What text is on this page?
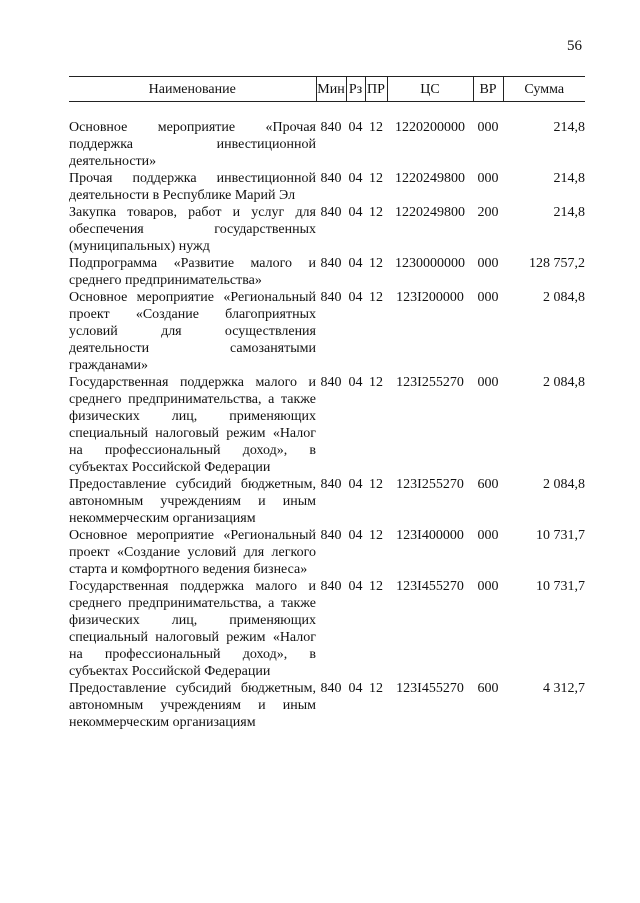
56
Наименование	Мин	Рз	ПР	ЦС	ВР	Сумма
Основное мероприятие «Прочая поддержка инвестиционной деятельности»	840	04	12	1220200000	000	214,8
Прочая поддержка инвестиционной деятельности в Республике Марий Эл	840	04	12	1220249800	000	214,8
Закупка товаров, работ и услуг для обеспечения государственных (муниципальных) нужд	840	04	12	1220249800	200	214,8
Подпрограмма «Развитие малого и среднего предпринимательства»	840	04	12	1230000000	000	128 757,2
Основное мероприятие «Региональный проект «Создание благоприятных условий для осуществления деятельности самозанятыми гражданами»	840	04	12	123I200000	000	2 084,8
Государственная поддержка малого и среднего предпринимательства, а также физических лиц, применяющих специальный налоговый режим «Налог на профессиональный доход», в субъектах Российской Федерации	840	04	12	123I255270	000	2 084,8
Предоставление субсидий бюджетным, автономным учреждениям и иным некоммерческим организациям	840	04	12	123I255270	600	2 084,8
Основное мероприятие «Региональный проект «Создание условий для легкого старта и комфортного ведения бизнеса»	840	04	12	123I400000	000	10 731,7
Государственная поддержка малого и среднего предпринимательства, а также физических лиц, применяющих специальный налоговый режим «Налог на профессиональный доход», в субъектах Российской Федерации	840	04	12	123I455270	000	10 731,7
Предоставление субсидий бюджетным, автономным учреждениям и иным некоммерческим организациям	840	04	12	123I455270	600	4 312,7
